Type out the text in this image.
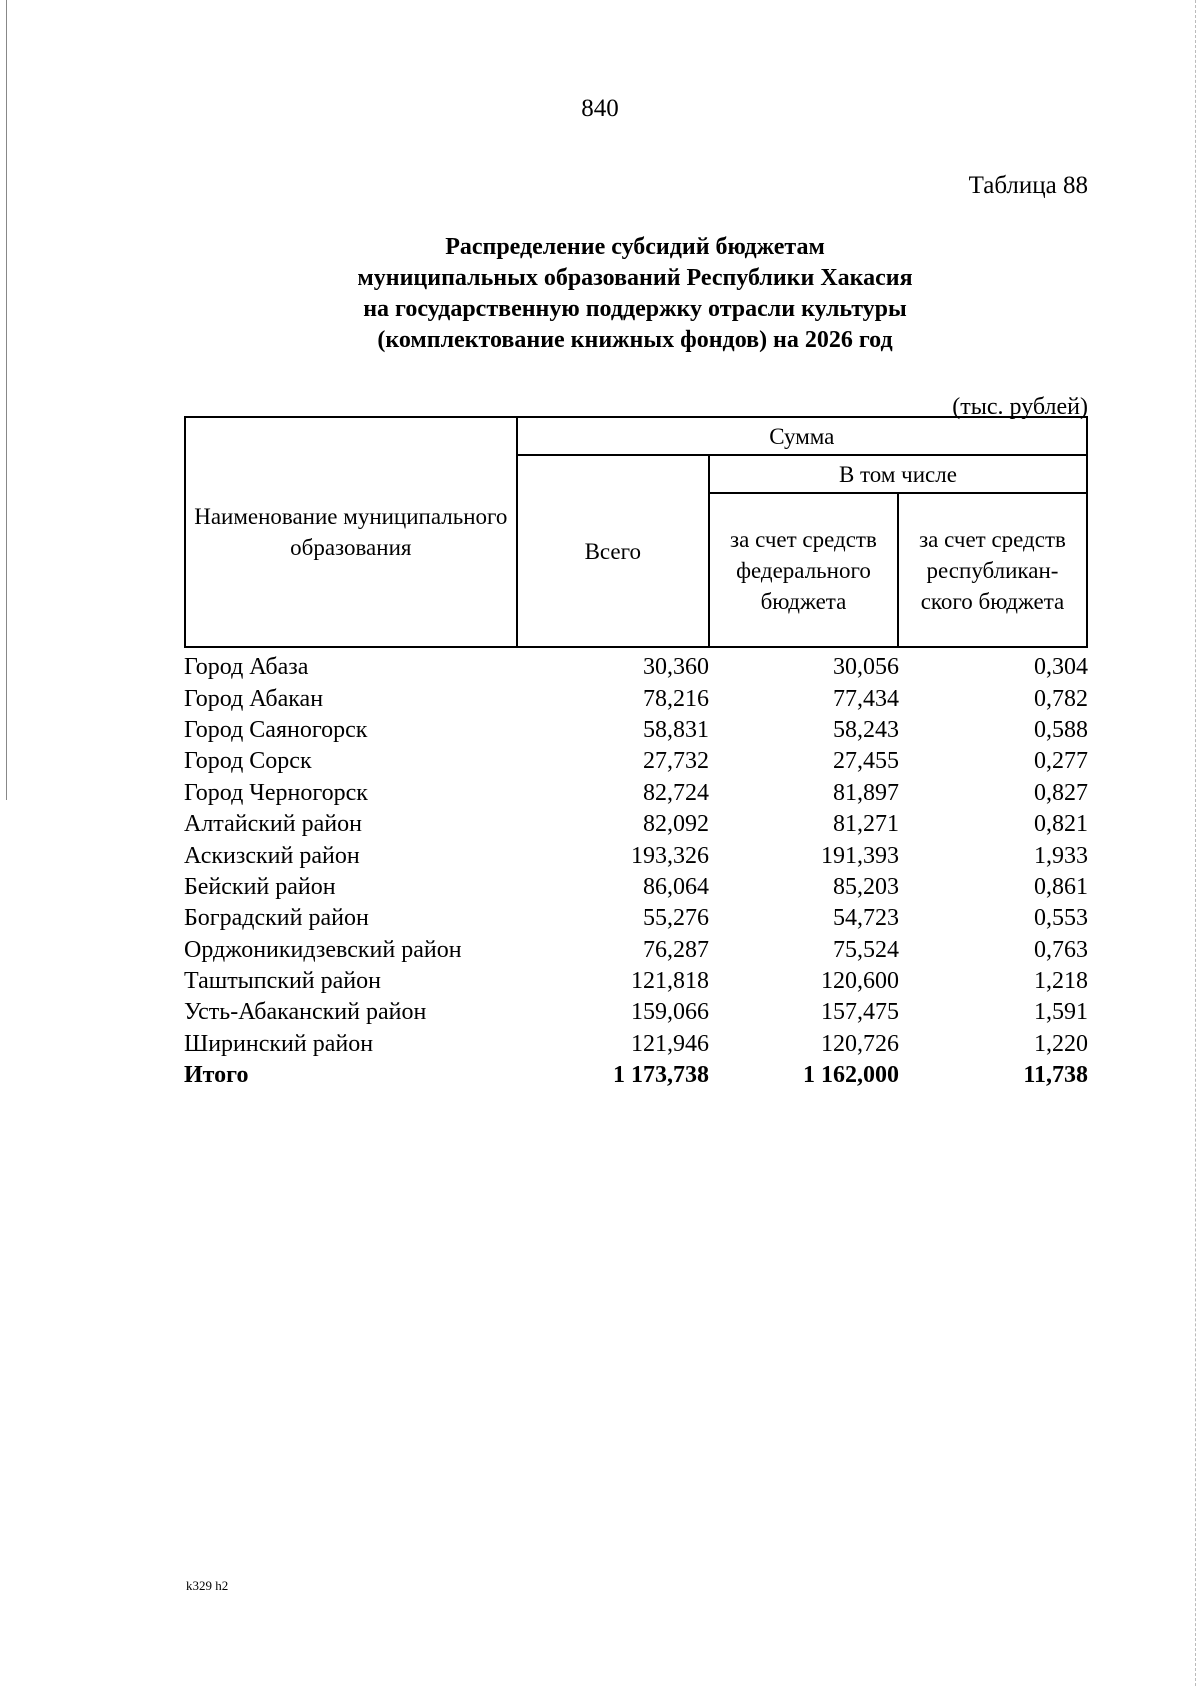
840
Таблица 88
Распределение субсидий бюджетам
муниципальных образований Республики Хакасия
на государственную поддержку отрасли культуры
(комплектование книжных фондов) на 2026 год
(тыс. рублей)
Наименование муниципального образования	Сумма		
	Всего	В том числе	
		за счет средств федерального бюджета	за счет средств республикан-ского бюджета
Город Абаза	30,360	30,056	0,304
Город Абакан	78,216	77,434	0,782
Город Саяногорск	58,831	58,243	0,588
Город Сорск	27,732	27,455	0,277
Город Черногорск	82,724	81,897	0,827
Алтайский район	82,092	81,271	0,821
Аскизский район	193,326	191,393	1,933
Бейский район	86,064	85,203	0,861
Боградский район	55,276	54,723	0,553
Орджоникидзевский район	76,287	75,524	0,763
Таштыпский район	121,818	120,600	1,218
Усть-Абаканский район	159,066	157,475	1,591
Ширинский район	121,946	120,726	1,220
Итого	1 173,738	1 162,000	11,738
k329 h2
